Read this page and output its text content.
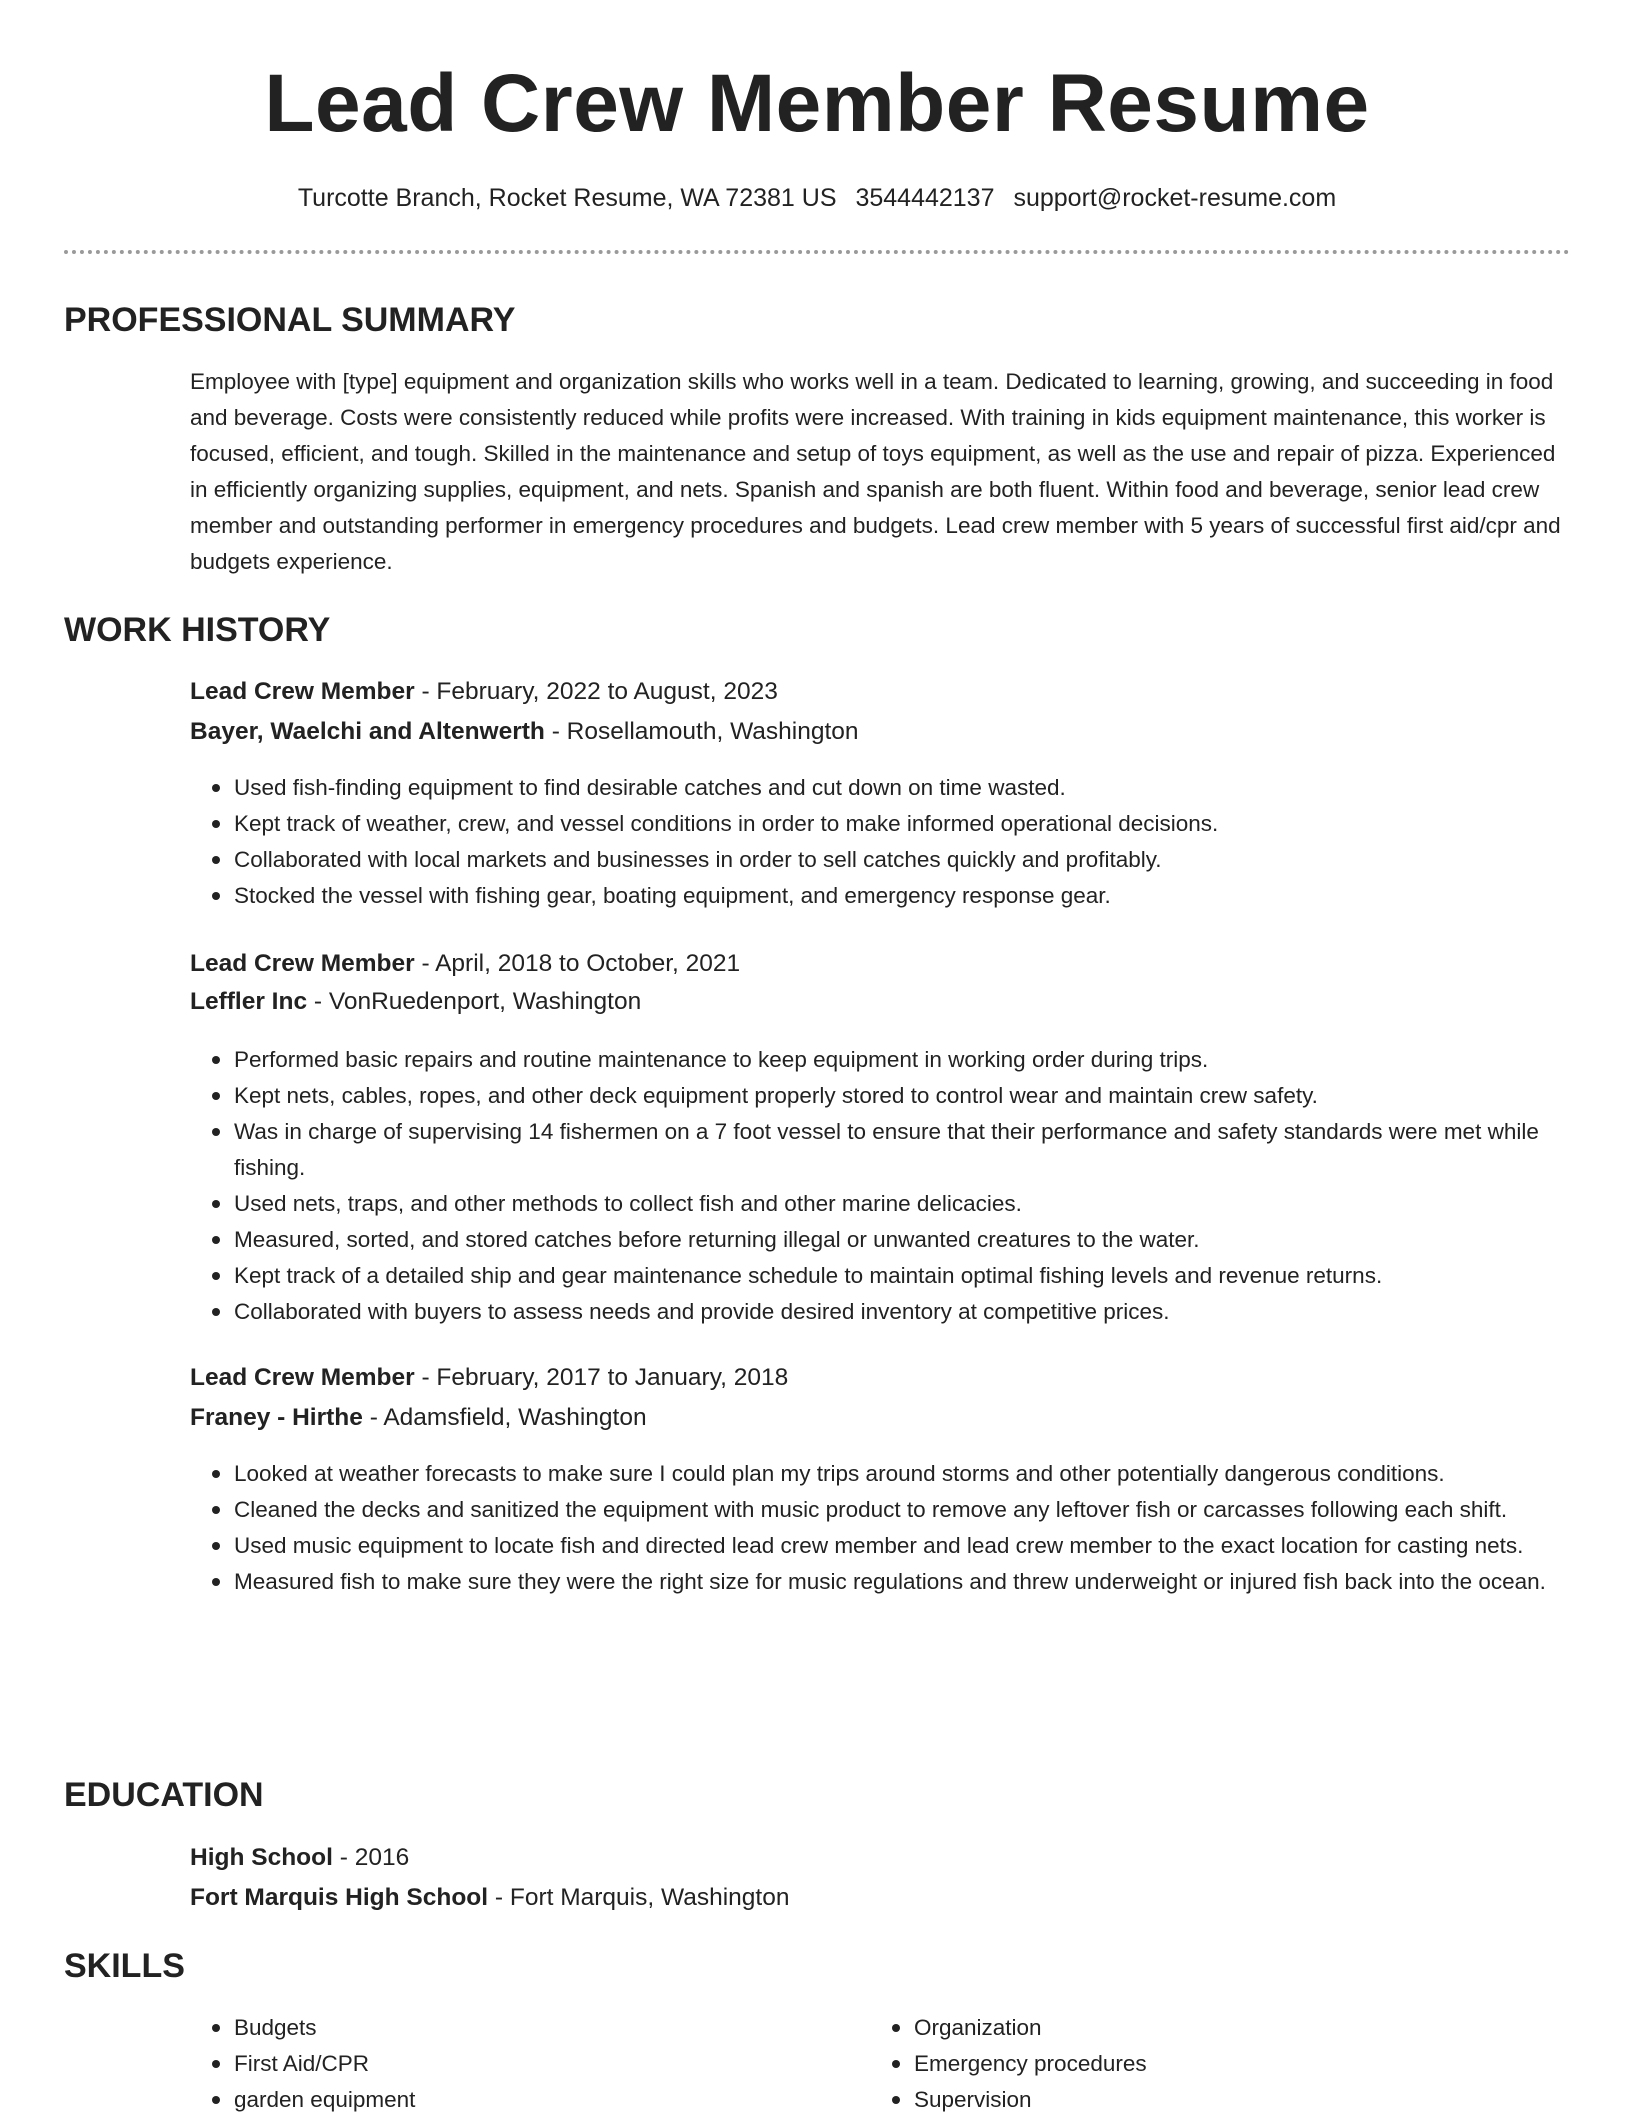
Lead Crew Member Resume
Turcotte Branch, Rocket Resume, WA 72381 US 3544442137 support@rocket-resume.com
PROFESSIONAL SUMMARY
Employee with [type] equipment and organization skills who works well in a team. Dedicated to learning, growing, and succeeding in food and beverage. Costs were consistently reduced while profits were increased. With training in kids equipment maintenance, this worker is focused, efficient, and tough. Skilled in the maintenance and setup of toys equipment, as well as the use and repair of pizza. Experienced in efficiently organizing supplies, equipment, and nets. Spanish and spanish are both fluent. Within food and beverage, senior lead crew member and outstanding performer in emergency procedures and budgets. Lead crew member with 5 years of successful first aid/cpr and budgets experience.
WORK HISTORY
Lead Crew Member - February, 2022 to August, 2023
Bayer, Waelchi and Altenwerth - Rosellamouth, Washington
Used fish-finding equipment to find desirable catches and cut down on time wasted.
Kept track of weather, crew, and vessel conditions in order to make informed operational decisions.
Collaborated with local markets and businesses in order to sell catches quickly and profitably.
Stocked the vessel with fishing gear, boating equipment, and emergency response gear.
Lead Crew Member - April, 2018 to October, 2021
Leffler Inc - VonRuedenport, Washington
Performed basic repairs and routine maintenance to keep equipment in working order during trips.
Kept nets, cables, ropes, and other deck equipment properly stored to control wear and maintain crew safety.
Was in charge of supervising 14 fishermen on a 7 foot vessel to ensure that their performance and safety standards were met while fishing.
Used nets, traps, and other methods to collect fish and other marine delicacies.
Measured, sorted, and stored catches before returning illegal or unwanted creatures to the water.
Kept track of a detailed ship and gear maintenance schedule to maintain optimal fishing levels and revenue returns.
Collaborated with buyers to assess needs and provide desired inventory at competitive prices.
Lead Crew Member - February, 2017 to January, 2018
Franey - Hirthe - Adamsfield, Washington
Looked at weather forecasts to make sure I could plan my trips around storms and other potentially dangerous conditions.
Cleaned the decks and sanitized the equipment with music product to remove any leftover fish or carcasses following each shift.
Used music equipment to locate fish and directed lead crew member and lead crew member to the exact location for casting nets.
Measured fish to make sure they were the right size for music regulations and threw underweight or injured fish back into the ocean.
EDUCATION
High School - 2016
Fort Marquis High School - Fort Marquis, Washington
SKILLS
Budgets
First Aid/CPR
garden equipment
Organization
Emergency procedures
Supervision
